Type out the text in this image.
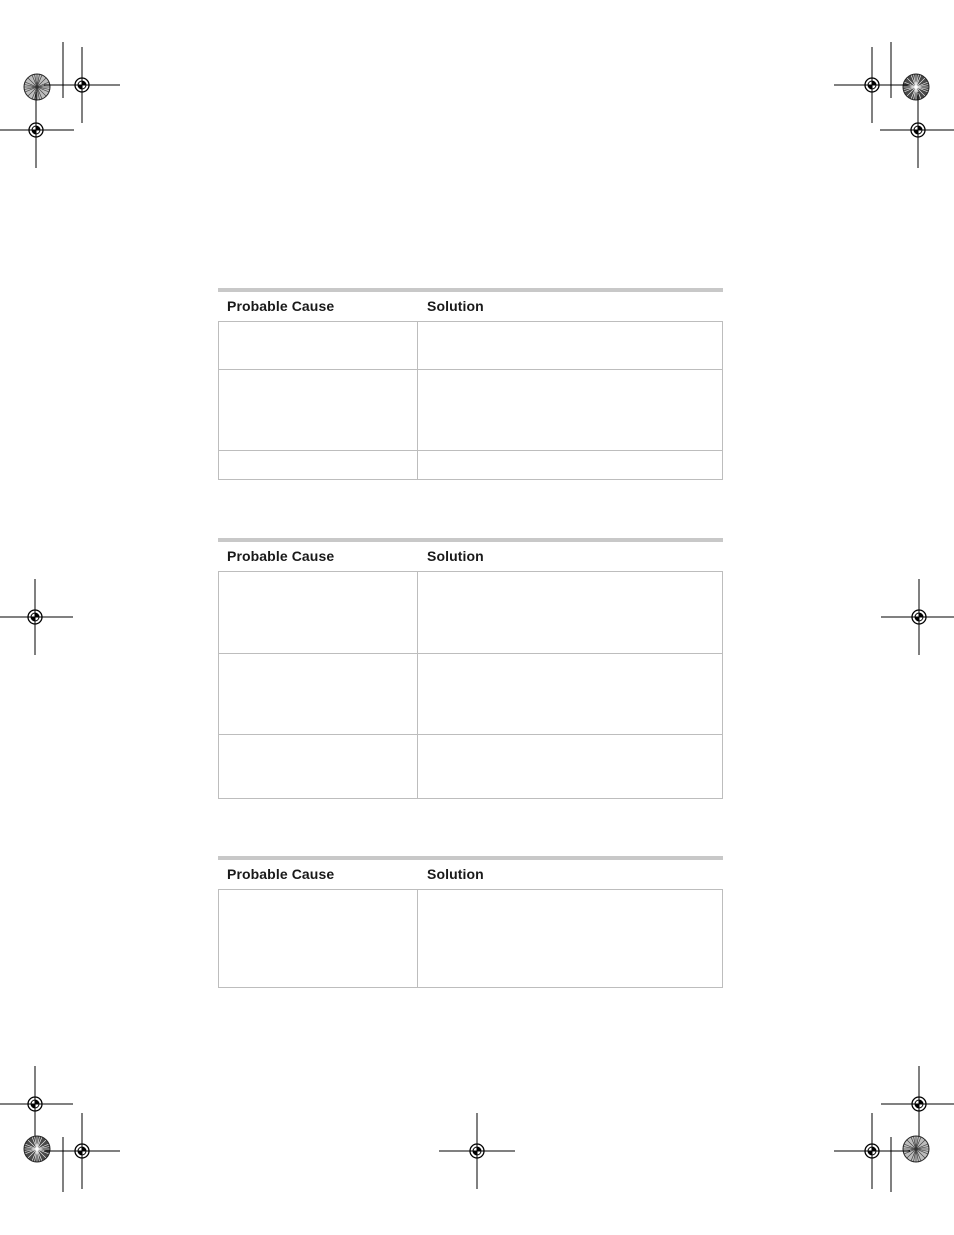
Probable Cause	Solution
Probable Cause	Solution
Probable Cause	Solution
